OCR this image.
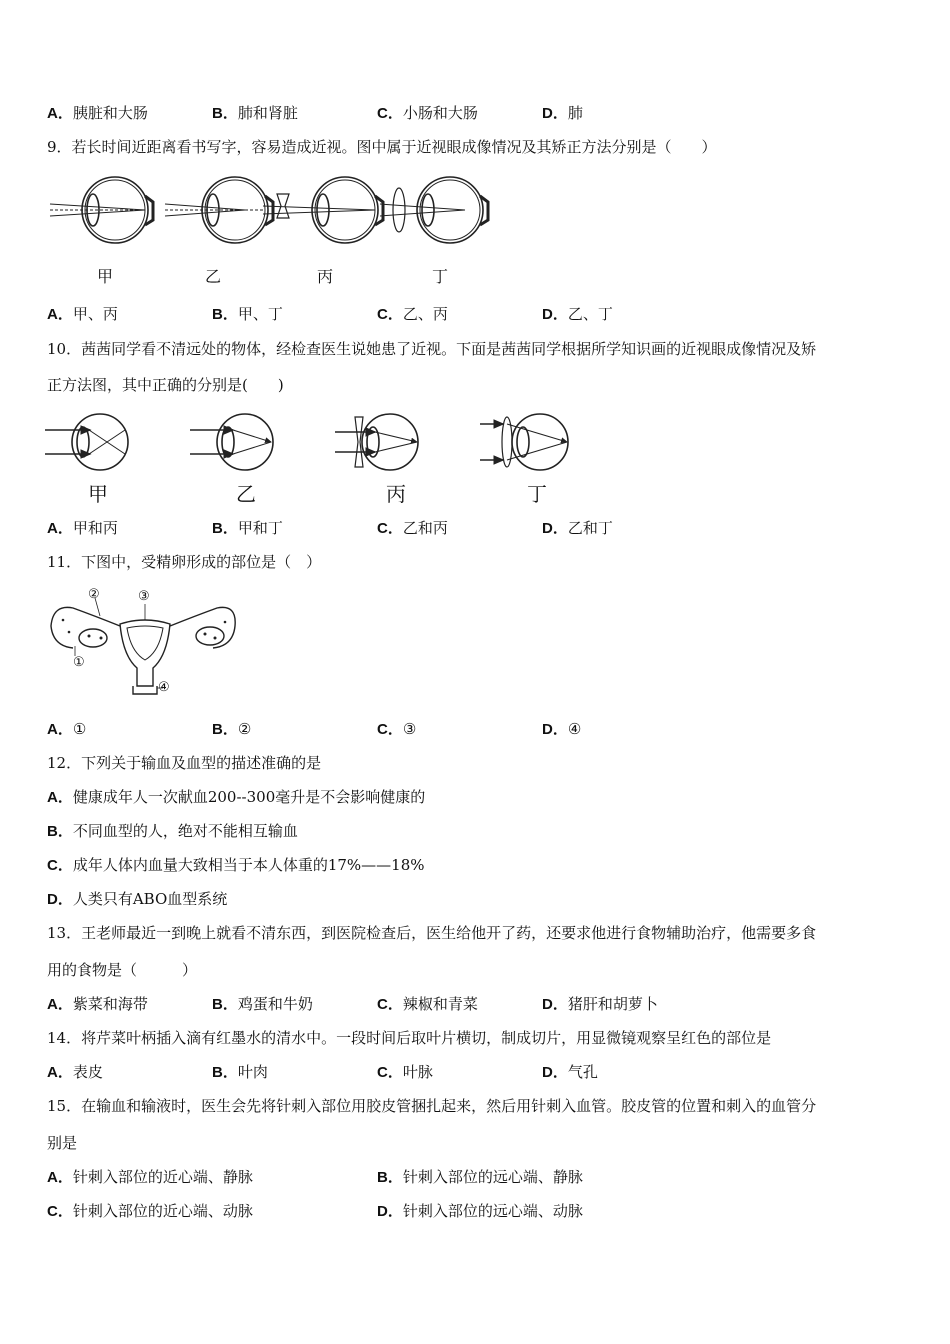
A．胰脏和大肠	B．肺和肾脏	C．小肠和大肠	D．肺
9．若长时间近距离看书写字，容易造成近视。图中属于近视眼成像情况及其矫正方法分别是（　　）
甲	乙	丙	丁
A．甲、丙	B．甲、丁	C．乙、丙	D．乙、丁
10．茜茜同学看不清远处的物体，经检查医生说她患了近视。下面是茜茜同学根据所学知识画的近视眼成像情况及矫
正方法图，其中正确的分别是(　　)
甲	乙	丙	丁
A．甲和丙	B．甲和丁	C．乙和丙	D．乙和丁
11．下图中，受精卵形成的部位是（　）
①
②	③
④
A．①	B．②	C．③	D．④
12．下列关于输血及血型的描述准确的是
A．健康成年人一次献血200--300毫升是不会影响健康的
B．不同血型的人，绝对不能相互输血
C．成年人体内血量大致相当于本人体重的17%——18%
D．人类只有ABO血型系统
13．王老师最近一到晚上就看不清东西，到医院检查后，医生给他开了药，还要求他进行食物辅助治疗，他需要多食
用的食物是（　　　）
A．紫菜和海带	B．鸡蛋和牛奶	C．辣椒和青菜	D．猪肝和胡萝卜
14．将芹菜叶柄插入滴有红墨水的清水中。一段时间后取叶片横切，制成切片，用显微镜观察呈红色的部位是
A．表皮	B．叶肉	C．叶脉	D．气孔
15．在输血和输液时，医生会先将针刺入部位用胶皮管捆扎起来，然后用针刺入血管。胶皮管的位置和刺入的血管分
别是
A．针刺入部位的近心端、静脉	B．针刺入部位的远心端、静脉
C．针刺入部位的近心端、动脉	D．针刺入部位的远心端、动脉
